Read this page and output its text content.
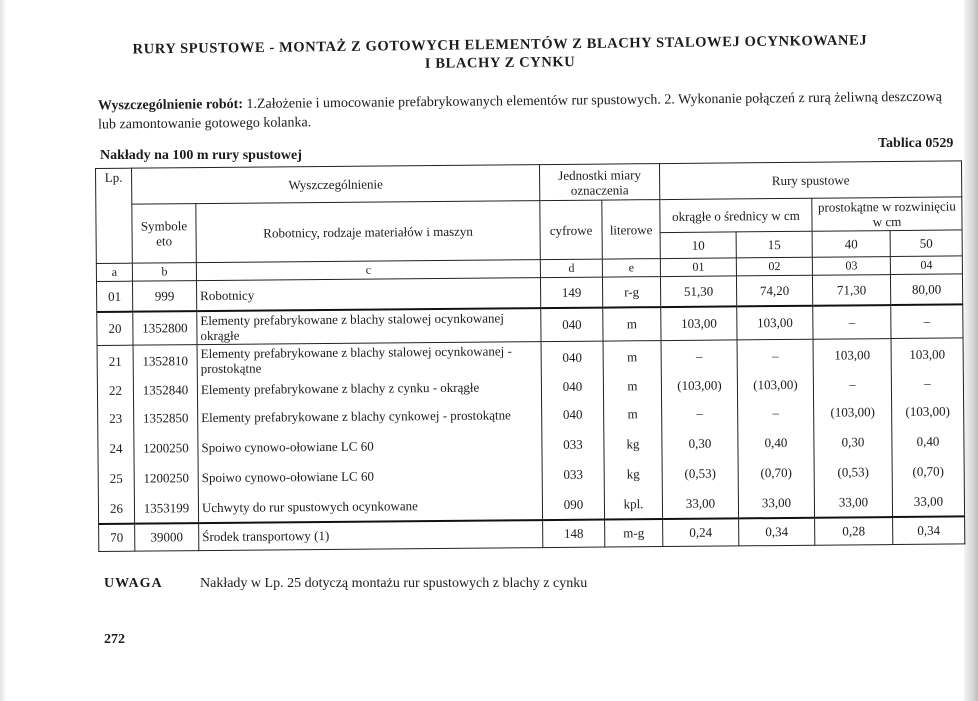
RURY SPUSTOWE - MONTAŻ Z GOTOWYCH ELEMENTÓW Z BLACHY STALOWEJ OCYNKOWANEJ
I BLACHY Z CYNKU
Wyszczególnienie robót: 1.Założenie i umocowanie prefabrykowanych elementów rur spustowych. 2. Wykonanie połączeń z rurą żeliwną deszczową lub zamontowanie gotowego kolanka.
Nakłady na 100 m rury spustowej
Tablica 0529
Lp.	Wyszczególnienie		Jednostki miary oznaczenia		Rury spustowe			
	Symbole eto	Robotnicy, rodzaje materiałów i maszyn	cyfrowe	literowe	okrągłe o średnicy w cm		prostokątne w rozwinięciu w cm	
					10	15	40	50
a	b	c	d	e	01	02	03	04
01	999	Robotnicy	149	r-g	51,30	74,20	71,30	80,00
20	1352800	Elementy prefabrykowane z blachy stalowej ocynkowanej okrągłe	040	m	103,00	103,00	–	–
21	1352810	Elementy prefabrykowane z blachy stalowej ocynkowanej - prostokątne	040	m	–	–	103,00	103,00
22	1352840	Elementy prefabrykowane z blachy z cynku - okrągłe	040	m	(103,00)	(103,00)	–	–
23	1352850	Elementy prefabrykowane z blachy cynkowej - prostokątne	040	m	–	–	(103,00)	(103,00)
24	1200250	Spoiwo cynowo-ołowiane LC 60	033	kg	0,30	0,40	0,30	0,40
25	1200250	Spoiwo cynowo-ołowiane LC 60	033	kg	(0,53)	(0,70)	(0,53)	(0,70)
26	1353199	Uchwyty do rur spustowych ocynkowane	090	kpl.	33,00	33,00	33,00	33,00
70	39000	Środek transportowy (1)	148	m-g	0,24	0,34	0,28	0,34
UWAGA	Nakłady w Lp. 25 dotyczą montażu rur spustowych z blachy z cynku
272
